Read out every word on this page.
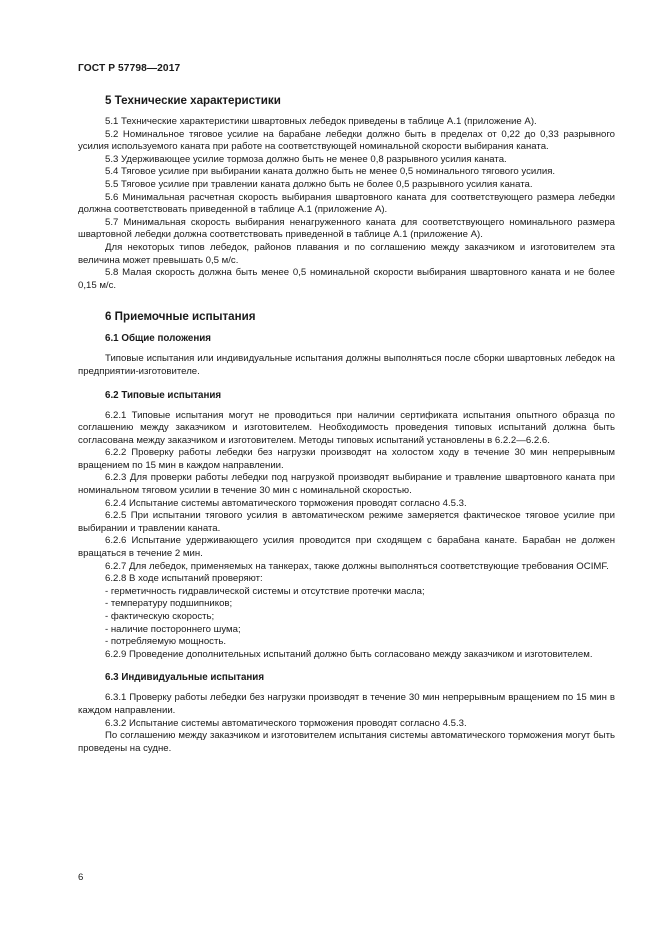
ГОСТ Р 57798—2017
5 Технические характеристики
5.1 Технические характеристики швартовных лебедок приведены в таблице А.1 (приложение А).
5.2 Номинальное тяговое усилие на барабане лебедки должно быть в пределах от 0,22 до 0,33 разрывного усилия используемого каната при работе на соответствующей номинальной скорости выбирания каната.
5.3 Удерживающее усилие тормоза должно быть не менее 0,8 разрывного усилия каната.
5.4 Тяговое усилие при выбирании каната должно быть не менее 0,5 номинального тягового усилия.
5.5 Тяговое усилие при травлении каната должно быть не более 0,5 разрывного усилия каната.
5.6 Минимальная расчетная скорость выбирания швартовного каната для соответствующего размера лебедки должна соответствовать приведенной в таблице А.1 (приложение А).
5.7 Минимальная скорость выбирания ненагруженного каната для соответствующего номинального размера швартовной лебедки должна соответствовать приведенной в таблице А.1 (приложение А).
Для некоторых типов лебедок, районов плавания и по соглашению между заказчиком и изготовителем эта величина может превышать 0,5 м/с.
5.8 Малая скорость должна быть менее 0,5 номинальной скорости выбирания швартовного каната и не более 0,15 м/с.
6 Приемочные испытания
6.1 Общие положения
Типовые испытания или индивидуальные испытания должны выполняться после сборки швартовных лебедок на предприятии-изготовителе.
6.2 Типовые испытания
6.2.1 Типовые испытания могут не проводиться при наличии сертификата испытания опытного образца по соглашению между заказчиком и изготовителем. Необходимость проведения типовых испытаний должна быть согласована между заказчиком и изготовителем. Методы типовых испытаний установлены в 6.2.2—6.2.6.
6.2.2 Проверку работы лебедки без нагрузки производят на холостом ходу в течение 30 мин непрерывным вращением по 15 мин в каждом направлении.
6.2.3 Для проверки работы лебедки под нагрузкой производят выбирание и травление швартовного каната при номинальном тяговом усилии в течение 30 мин с номинальной скоростью.
6.2.4 Испытание системы автоматического торможения проводят согласно 4.5.3.
6.2.5 При испытании тягового усилия в автоматическом режиме замеряется фактическое тяговое усилие при выбирании и травлении каната.
6.2.6 Испытание удерживающего усилия проводится при сходящем с барабана канате. Барабан не должен вращаться в течение 2 мин.
6.2.7 Для лебедок, применяемых на танкерах, также должны выполняться соответствующие требования OCIMF.
6.2.8 В ходе испытаний проверяют:
- герметичность гидравлической системы и отсутствие протечки масла;
- температуру подшипников;
- фактическую скорость;
- наличие постороннего шума;
- потребляемую мощность.
6.2.9 Проведение дополнительных испытаний должно быть согласовано между заказчиком и изготовителем.
6.3 Индивидуальные испытания
6.3.1 Проверку работы лебедки без нагрузки производят в течение 30 мин непрерывным вращением по 15 мин в каждом направлении.
6.3.2 Испытание системы автоматического торможения проводят согласно 4.5.3.
По соглашению между заказчиком и изготовителем испытания системы автоматического торможения могут быть проведены на судне.
6
